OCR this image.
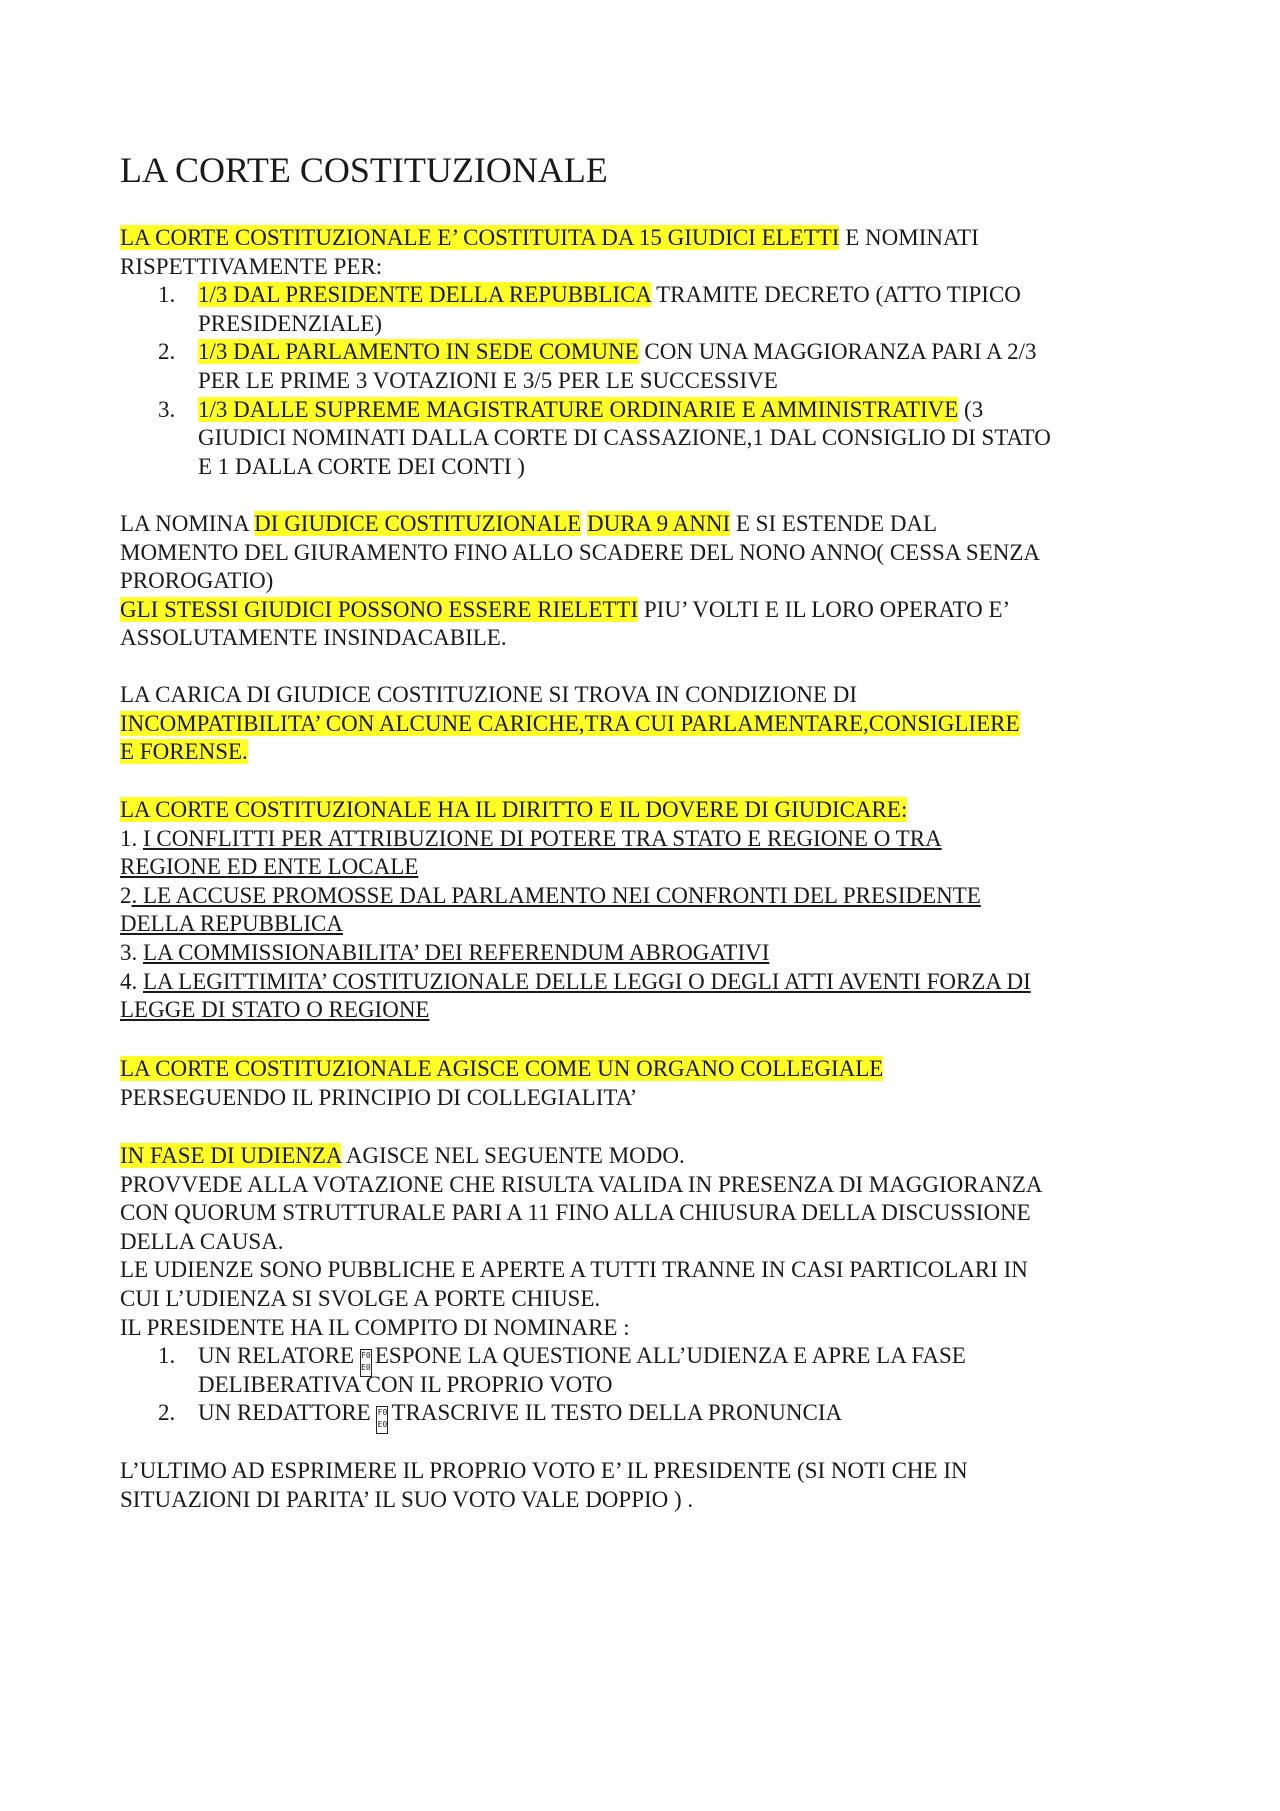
LA CORTE COSTITUZIONALE
LA CORTE COSTITUZIONALE E’ COSTITUITA DA 15 GIUDICI ELETTI E NOMINATI
RISPETTIVAMENTE PER:
1. 1/3 DAL PRESIDENTE DELLA REPUBBLICA TRAMITE DECRETO (ATTO TIPICO
PRESIDENZIALE)
2. 1/3 DAL PARLAMENTO IN SEDE COMUNE CON UNA MAGGIORANZA PARI A 2/3
PER LE PRIME 3 VOTAZIONI E 3/5 PER LE SUCCESSIVE
3. 1/3 DALLE SUPREME MAGISTRATURE ORDINARIE E AMMINISTRATIVE (3
GIUDICI NOMINATI DALLA CORTE DI CASSAZIONE,1 DAL CONSIGLIO DI STATO
E 1 DALLA CORTE DEI CONTI )
LA NOMINA DI GIUDICE COSTITUZIONALE DURA 9 ANNI E SI ESTENDE DAL
MOMENTO DEL GIURAMENTO FINO ALLO SCADERE DEL NONO ANNO( CESSA SENZA
PROROGATIO)
GLI STESSI GIUDICI POSSONO ESSERE RIELETTI PIU’ VOLTI E IL LORO OPERATO E’
ASSOLUTAMENTE INSINDACABILE.
LA CARICA DI GIUDICE COSTITUZIONE SI TROVA IN CONDIZIONE DI
INCOMPATIBILITA’ CON ALCUNE CARICHE,TRA CUI PARLAMENTARE,CONSIGLIERE
E FORENSE.
LA CORTE COSTITUZIONALE HA IL DIRITTO E IL DOVERE DI GIUDICARE:
1. I CONFLITTI PER ATTRIBUZIONE DI POTERE TRA STATO E REGIONE O TRA
REGIONE ED ENTE LOCALE
2. LE ACCUSE PROMOSSE DAL PARLAMENTO NEI CONFRONTI DEL PRESIDENTE
DELLA REPUBBLICA
3. LA COMMISSIONABILITA’ DEI REFERENDUM ABROGATIVI
4. LA LEGITTIMITA’ COSTITUZIONALE DELLE LEGGI O DEGLI ATTI AVENTI FORZA DI
LEGGE DI STATO O REGIONE
LA CORTE COSTITUZIONALE AGISCE COME UN ORGANO COLLEGIALE
PERSEGUENDO IL PRINCIPIO DI COLLEGIALITA’
IN FASE DI UDIENZA AGISCE NEL SEGUENTE MODO.
PROVVEDE ALLA VOTAZIONE CHE RISULTA VALIDA IN PRESENZA DI MAGGIORANZA
CON QUORUM STRUTTURALE PARI A 11 FINO ALLA CHIUSURA DELLA DISCUSSIONE
DELLA CAUSA.
LE UDIENZE SONO PUBBLICHE E APERTE A TUTTI TRANNE IN CASI PARTICOLARI IN
CUI L’UDIENZA SI SVOLGE A PORTE CHIUSE.
IL PRESIDENTE HA IL COMPITO DI NOMINARE :
1. UN RELATORE F0
E0 ESPONE LA QUESTIONE ALL’UDIENZA E APRE LA FASE
DELIBERATIVA CON IL PROPRIO VOTO
2. UN REDATTORE F0
E0 TRASCRIVE IL TESTO DELLA PRONUNCIA
L’ULTIMO AD ESPRIMERE IL PROPRIO VOTO E’ IL PRESIDENTE (SI NOTI CHE IN
SITUAZIONI DI PARITA’ IL SUO VOTO VALE DOPPIO ) .
